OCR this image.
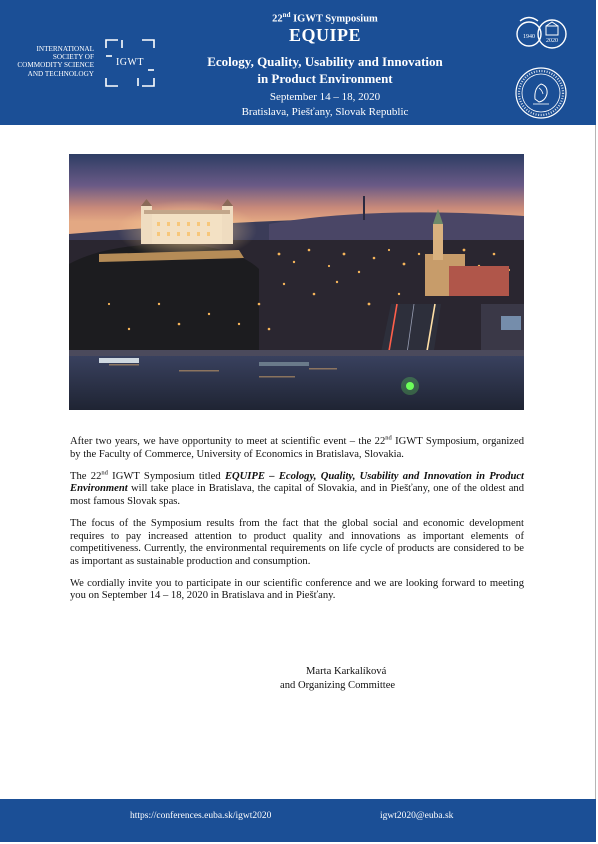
INTERNATIONAL
SOCIETY OF
COMMODITY SCIENCE
AND TECHNOLOGY
IGWT
22nd IGWT Symposium
EQUIPE
Ecology, Quality, Usability and Innovation
in Product Environment
September 14 – 18, 2020
Bratislava, Piešťany, Slovak Republic
1940
2020

After two years, we have opportunity to meet at scientific event – the 22nd IGWT Symposium, organized by the Faculty of Commerce, University of Economics in Bratislava, Slovakia.

The 22nd IGWT Symposium titled EQUIPE – Ecology, Quality, Usability and Innovation in Product Environment will take place in Bratislava, the capital of Slovakia, and in Piešťany, one of the oldest and most famous Slovak spas.

The focus of the Symposium results from the fact that the global social and economic development requires to pay increased attention to product quality and innovations as important elements of competitiveness. Currently, the environmental requirements on life cycle of products are considered to be as important as sustainable production and consumption.

We cordially invite you to participate in our scientific conference and we are looking forward to meeting you on September 14 – 18, 2020 in Bratislava and in Piešťany.

Marta Karkalíková
and Organizing Committee
https://conferences.euba.sk/igwt2020	igwt2020@euba.sk
